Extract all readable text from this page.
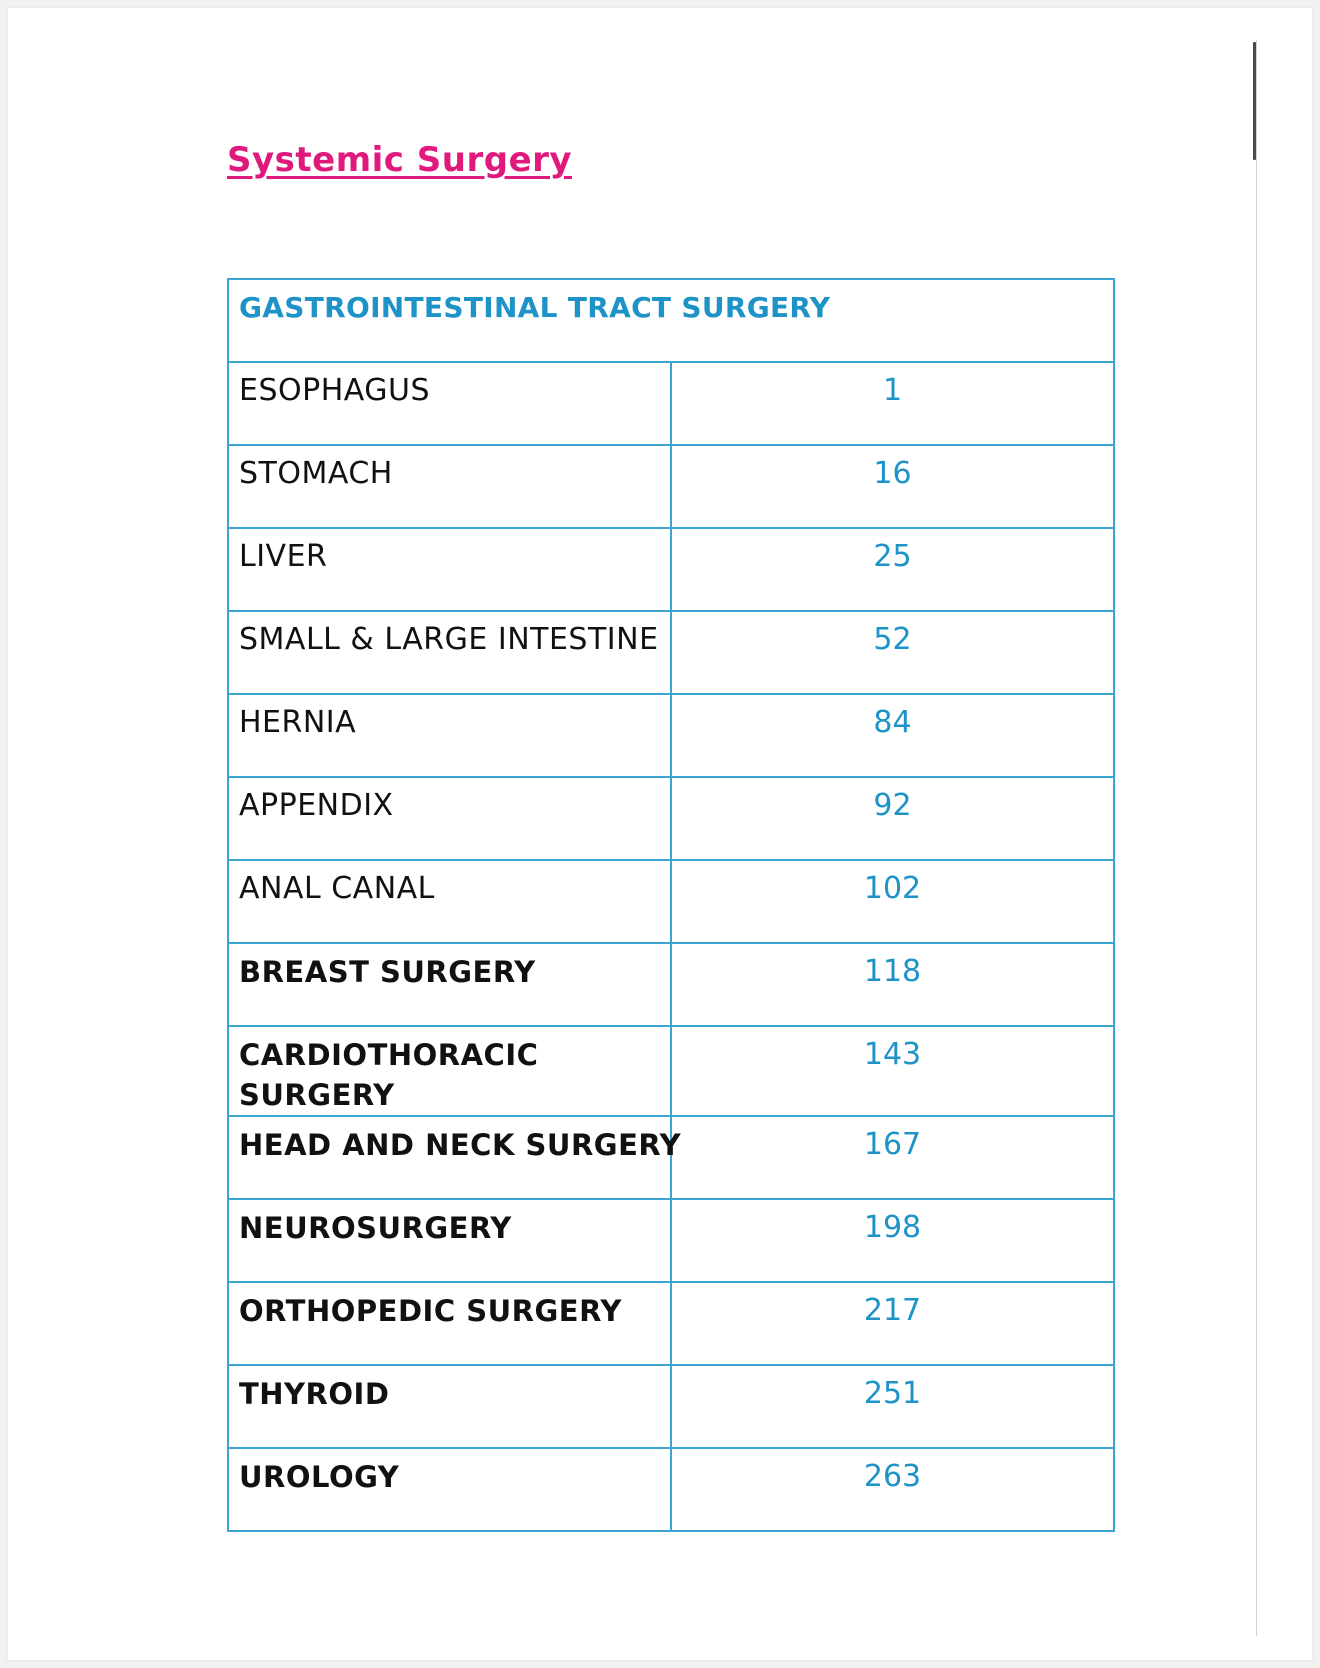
Systemic Surgery
GASTROINTESTINAL TRACT SURGERY	
ESOPHAGUS	1
STOMACH	16
LIVER	25
SMALL & LARGE INTESTINE	52
HERNIA	84
APPENDIX	92
ANAL CANAL	102
BREAST SURGERY	118
CARDIOTHORACIC SURGERY	143
HEAD AND NECK SURGERY	167
NEUROSURGERY	198
ORTHOPEDIC SURGERY	217
THYROID	251
UROLOGY	263
